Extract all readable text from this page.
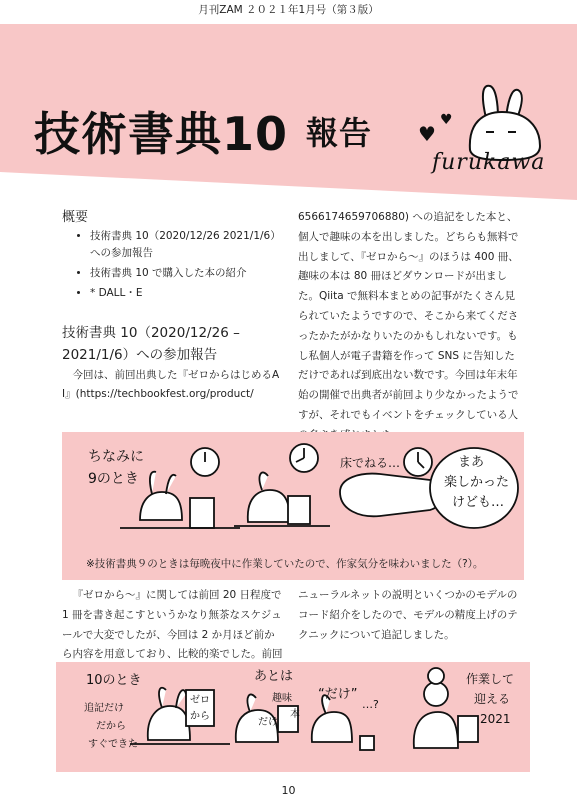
月刊ZAM ２０２１年1月号（第３版）
技術書典10 報告 ♥
♥
furukawa

概要

• 技術書典 10（2020/12/26 2021/1/6）への参加報告
• 技術書典 10 で購入した本の紹介
• * DALL・E

技術書典 10（2020/12/26 – 2021/1/6）への参加報告

今回は、前回出典した『ゼロからはじめるAI』(https://techbookfest.org/product/

6566174659706880) への追記をした本と、個人で趣味の本を出しました。どちらも無料で出しまして、『ゼロから〜』のほうは 400 冊、趣味の本は 80 冊ほどダウンロードが出ました。Qiita で無料本まとめの記事がたくさん見られていたようですので、そこから来てくださったかたがかなりいたのかもしれないです。もし私個人が電子書籍を作って SNS に告知しただけであれば到底出ない数です。今回は年末年始の開催で出典者が前回より少なかったようですが、それでもイベントをチェックしている人

ちなみに
9のとき
床でねる…	まあ
楽しかった
けども…
※技術書典９のときは毎晩夜中に作業していたので、作家気分を味わいました（?）。

『ゼロから〜』に関しては前回 20 日程度で 1 冊を書き起こすというかなり無茶なスケジュールで大変でしたが、今回は 2 か月ほど前から内容を用意しており、比較的楽でした。前回

ニューラルネットの説明といくつかのモデルのコード紹介をしたので、モデルの精度上げのテクニックについて追記しました。

10のとき
追記だけ
だから
すぐできた
ゼロ
から
あとは
趣味
本
だけ
“だけ”
…?
作業して
迎える
2021
10
